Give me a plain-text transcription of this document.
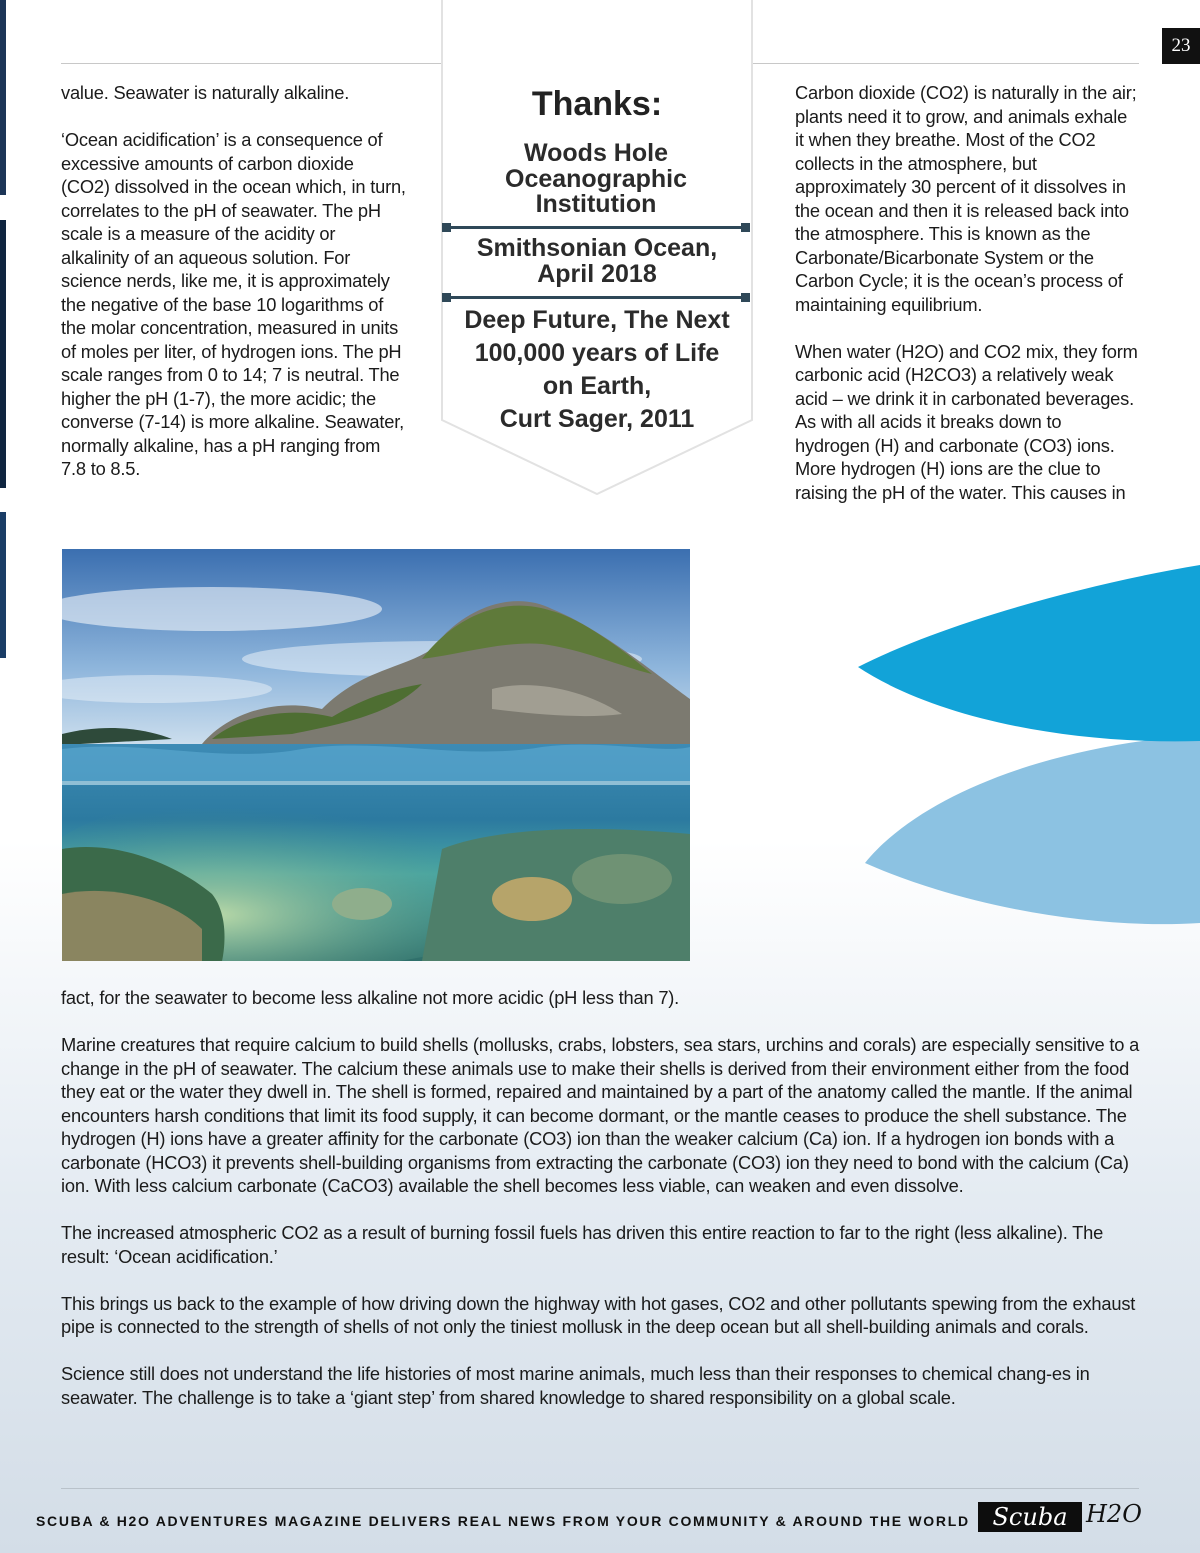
23

value. Seawater is naturally alkaline.

‘Ocean acidification’ is a consequence of excessive amounts of carbon dioxide (CO2) dissolved in the ocean which, in turn, correlates to the pH of seawater. The pH scale is a measure of the acidity or alkalinity of an aqueous solution. For science nerds, like me, it is approximately the negative of the base 10 logarithms of the molar concentration, measured in units of moles per liter, of hydrogen ions. The pH scale ranges from 0 to 14; 7 is neutral. The higher the pH (1-7), the more acidic; the converse (7-14) is more alkaline. Seawater, normally alkaline, has a pH ranging from 7.8 to 8.5.

Thanks:
Woods Hole Oceanographic Institution
Smithsonian Ocean, April 2018
Deep Future, The Next
100,000 years of Life
on Earth,
Curt Sager, 2011

Carbon dioxide (CO2) is naturally in the air; plants need it to grow, and animals exhale it when they breathe. Most of the CO2 collects in the atmosphere, but approximately 30 percent of it dissolves in the ocean and then it is released back into the atmosphere. This is known as the Carbonate/Bicarbonate System or the Carbon Cycle; it is the ocean’s process of maintaining equilibrium.

When water (H2O) and CO2 mix, they form carbonic acid (H2CO3) a relatively weak acid – we drink it in carbonated beverages. As with all acids it breaks down to hydrogen (H) and carbonate (CO3) ions. More hydrogen (H) ions are the clue to raising the pH of the water. This causes in

fact, for the seawater to become less alkaline not more acidic (pH less than 7).

Marine creatures that require calcium to build shells (mollusks, crabs, lobsters, sea stars, urchins and corals) are especially sensitive to a change in the pH of seawater. The calcium these animals use to make their shells is derived from their environment either from the food they eat or the water they dwell in. The shell is formed, repaired and maintained by a part of the anatomy called the mantle. If the animal encounters harsh conditions that limit its food supply, it can become dormant, or the mantle ceases to produce the shell substance. The hydrogen (H) ions have a greater affinity for the carbonate (CO3) ion than the weaker calcium (Ca) ion. If a hydrogen ion bonds with a carbonate (HCO3) it prevents shell-building organisms from extracting the carbonate (CO3) ion they need to bond with the calcium (Ca) ion. With less calcium carbonate (CaCO3) available the shell becomes less viable, can weaken and even dissolve.

The increased atmospheric CO2 as a result of burning fossil fuels has driven this entire reaction to far to the right (less alkaline). The result: ‘Ocean acidification.’

This brings us back to the example of how driving down the highway with hot gases, CO2 and other pollutants spewing from the exhaust pipe is connected to the strength of shells of not only the tiniest mollusk in the deep ocean but all shell-building animals and corals.

Science still does not understand the life histories of most marine animals, much less than their responses to chemical chang-es in seawater. The challenge is to take a ‘giant step’ from shared knowledge to shared responsibility on a global scale.

SCUBA & H2O ADVENTURES MAGAZINE DELIVERS REAL NEWS FROM YOUR COMMUNITY & AROUND THE WORLD Scuba H2O
